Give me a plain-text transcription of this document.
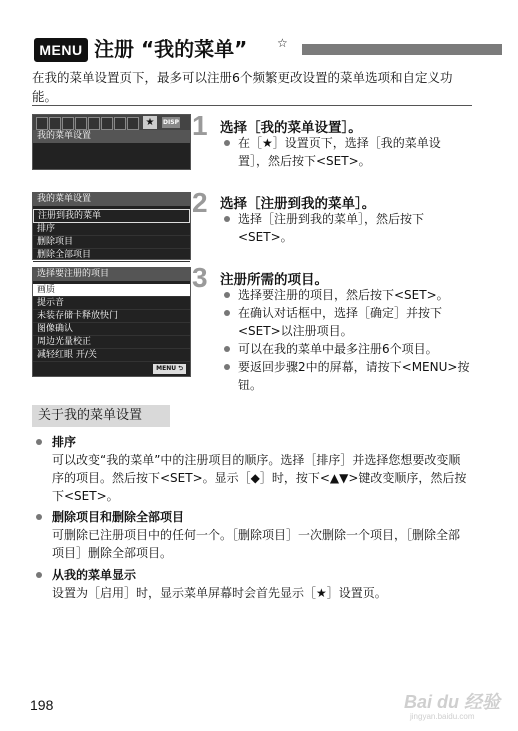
MENU 注册 “我的菜单” ☆
在我的菜单设置页下，最多可以注册6个频繁更改设置的菜单选项和自定义功能。
★	DISP
我的菜单设置
我的菜单设置
注册到我的菜单
排序
删除项目
删除全部项目
选择要注册的项目
画质
提示音
未装存储卡释放快门
图像确认
周边光量校正
减轻红眼 开/关
MENU ⮌
1 选择［我的菜单设置］。
在［★］设置页下，选择［我的菜单设置］，然后按下<SET>。
2 选择［注册到我的菜单］。
选择［注册到我的菜单］，然后按下<SET>。
3 注册所需的项目。
选择要注册的项目，然后按下<SET>。
在确认对话框中，选择［确定］并按下<SET>以注册项目。
可以在我的菜单中最多注册6个项目。
要返回步骤2中的屏幕，请按下<MENU>按钮。
关于我的菜单设置
排序
可以改变“我的菜单”中的注册项目的顺序。选择［排序］并选择您想要改变顺序的项目。然后按下<SET>。显示［◆］时，按下<▲▼>键改变顺序，然后按下<SET>。
删除项目和删除全部项目
可删除已注册项目中的任何一个。［删除项目］一次删除一个项目，［删除全部项目］删除全部项目。
从我的菜单显示
设置为［启用］时，显示菜单屏幕时会首先显示［★］设置页。
198	Bai du 经验
jingyan.baidu.com
